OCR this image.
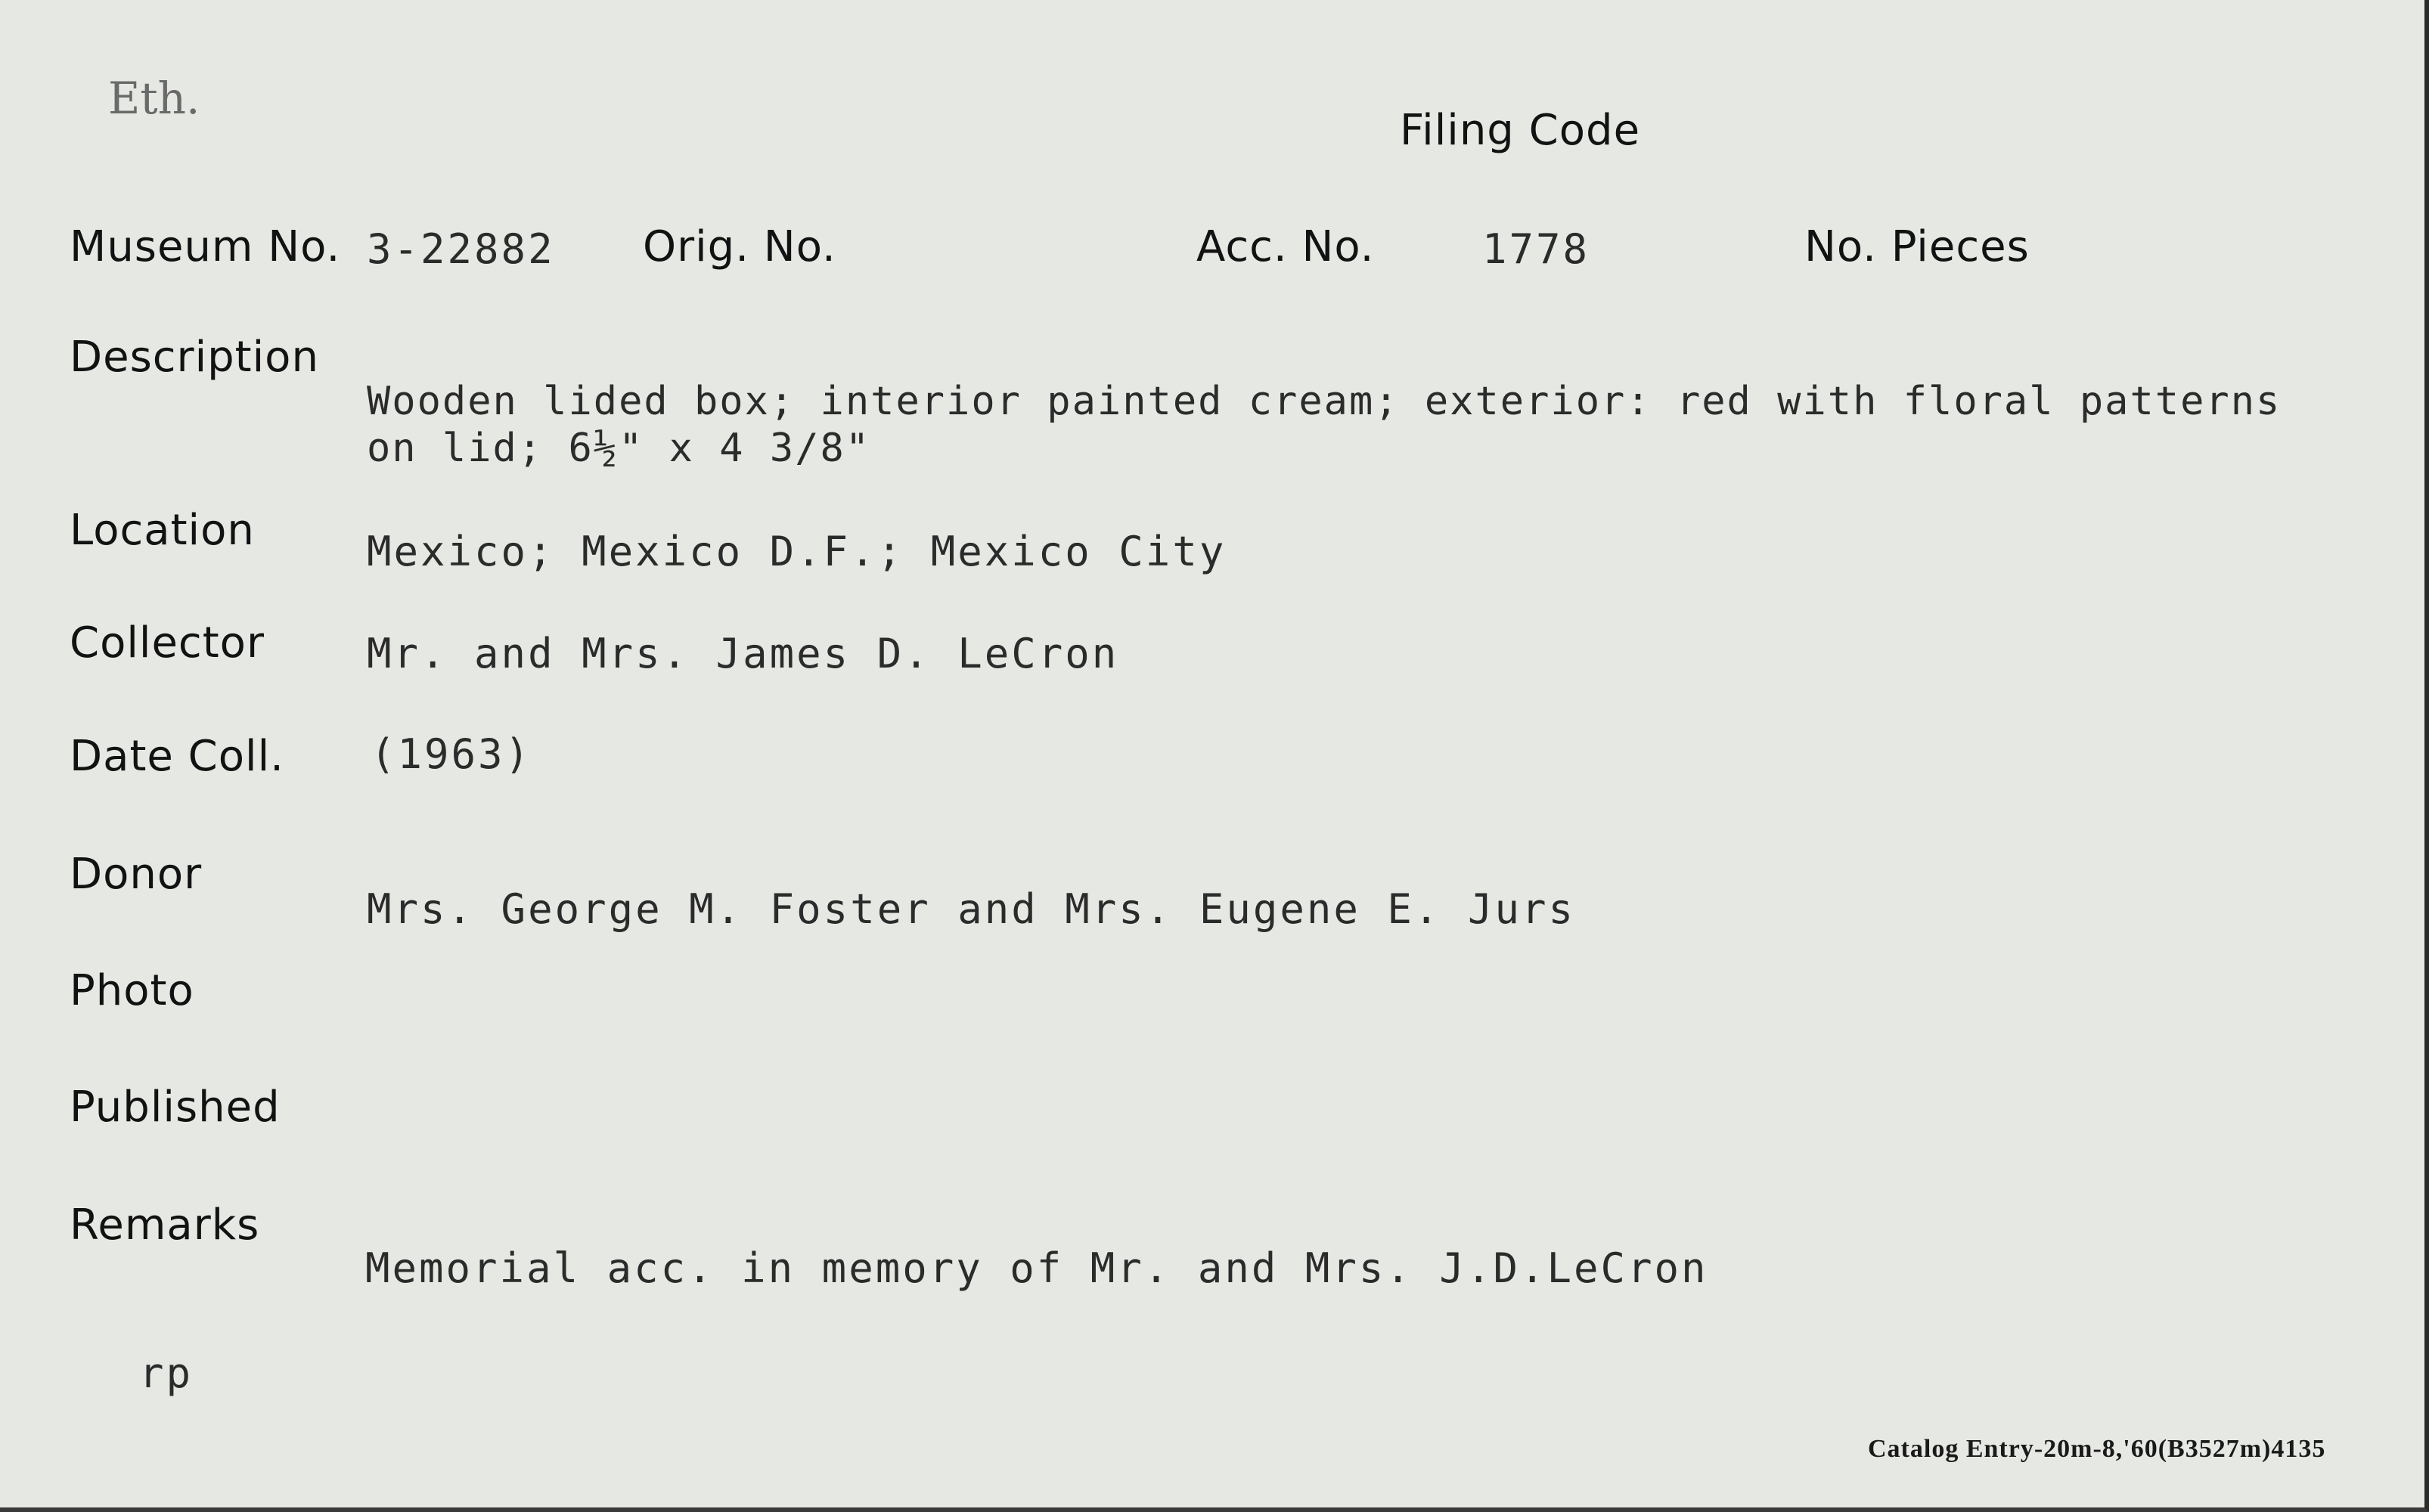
Eth.
Filing Code
Museum No. 3-22882 Orig. No.	Acc. No.	1778	No. Pieces
Description
Wooden lided box; interior painted cream; exterior: red with floral patterns
on lid; 6½" x 4 3/8"
Location	Mexico; Mexico D.F.; Mexico City
Collector	Mr. and Mrs. James D. LeCron
Date Coll. (1963)
Donor
Mrs. George M. Foster and Mrs. Eugene E. Jurs
Photo
Published
Remarks
Memorial acc. in memory of Mr. and Mrs. J.D.LeCron
rp
Catalog Entry-20m-8,'60(B3527m)4135
